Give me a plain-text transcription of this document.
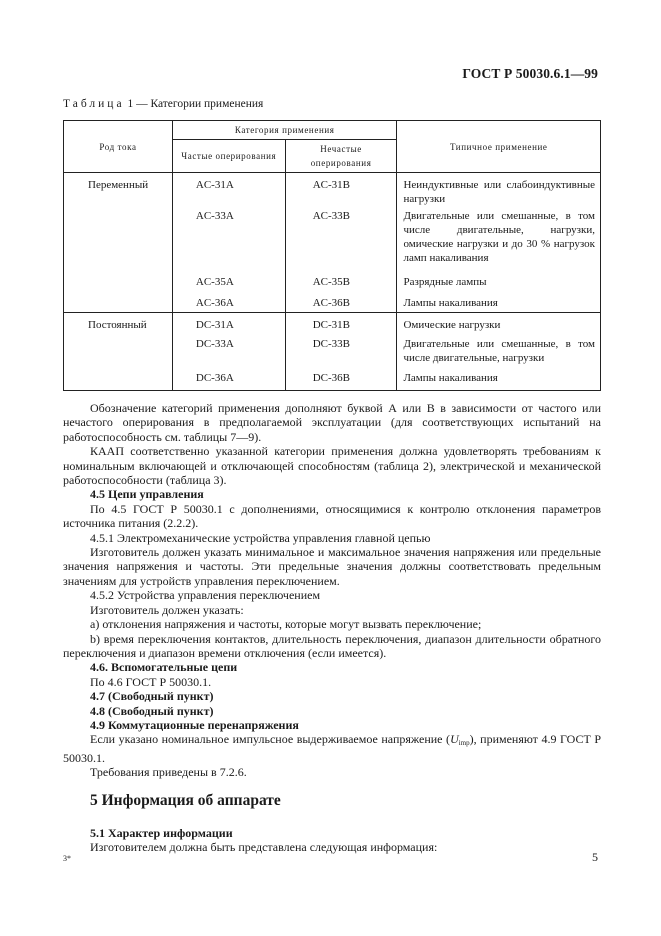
ГОСТ Р 50030.6.1—99
Таблица 1 — Категории применения
Род тока	Категория применения		Типичное применение
	Частые оперирования	Нечастые оперирования	
Переменный	AC-31A	AC-31B	Неиндуктивные или слабоиндуктивные нагрузки
	AC-33A	AC-33B	Двигательные или смешанные, в том числе двигательные, нагрузки, омические нагрузки и до 30 % нагрузок ламп накаливания
	AC-35A	AC-35B	Разрядные лампы
	AC-36A	AC-36B	Лампы накаливания
Постоянный	DC-31A	DC-31B	Омические нагрузки
	DC-33A	DC-33B	Двигательные или смешанные, в том числе двигательные, нагрузки
	DC-36A	DC-36B	Лампы накаливания

Обозначение категорий применения дополняют буквой А или В в зависимости от частого или нечастого оперирования в предполагаемой эксплуатации (для соответствующих испытаний на работоспособность см. таблицы 7—9).

КААП соответственно указанной категории применения должна удовлетворять требованиям к номинальным включающей и отключающей способностям (таблица 2), электрической и механической работоспособности (таблица 3).

4.5 Цепи управления

По 4.5 ГОСТ Р 50030.1 с дополнениями, относящимися к контролю отклонения параметров источника питания (2.2.2).

4.5.1 Электромеханические устройства управления главной цепью

Изготовитель должен указать минимальное и максимальное значения напряжения или предельные значения напряжения и частоты. Эти предельные значения должны соответствовать предельным значениям для устройств управления переключением.

4.5.2 Устройства управления переключением

Изготовитель должен указать:

а) отклонения напряжения и частоты, которые могут вызвать переключение;

b) время переключения контактов, длительность переключения, диапазон длительности обратного переключения и диапазон времени отключения (если имеется).

4.6. Вспомогательные цепи

По 4.6 ГОСТ Р 50030.1.

4.7 (Свободный пункт)

4.8 (Свободный пункт)

4.9 Коммутационные перенапряжения

Если указано номинальное импульсное выдерживаемое напряжение $(U_{imp})$, применяют 4.9 ГОСТ Р 50030.1.

Требования приведены в 7.2.6.

5 Информация об аппарате

5.1 Характер информации

Изготовителем должна быть представлена следующая информация:

3*	5
